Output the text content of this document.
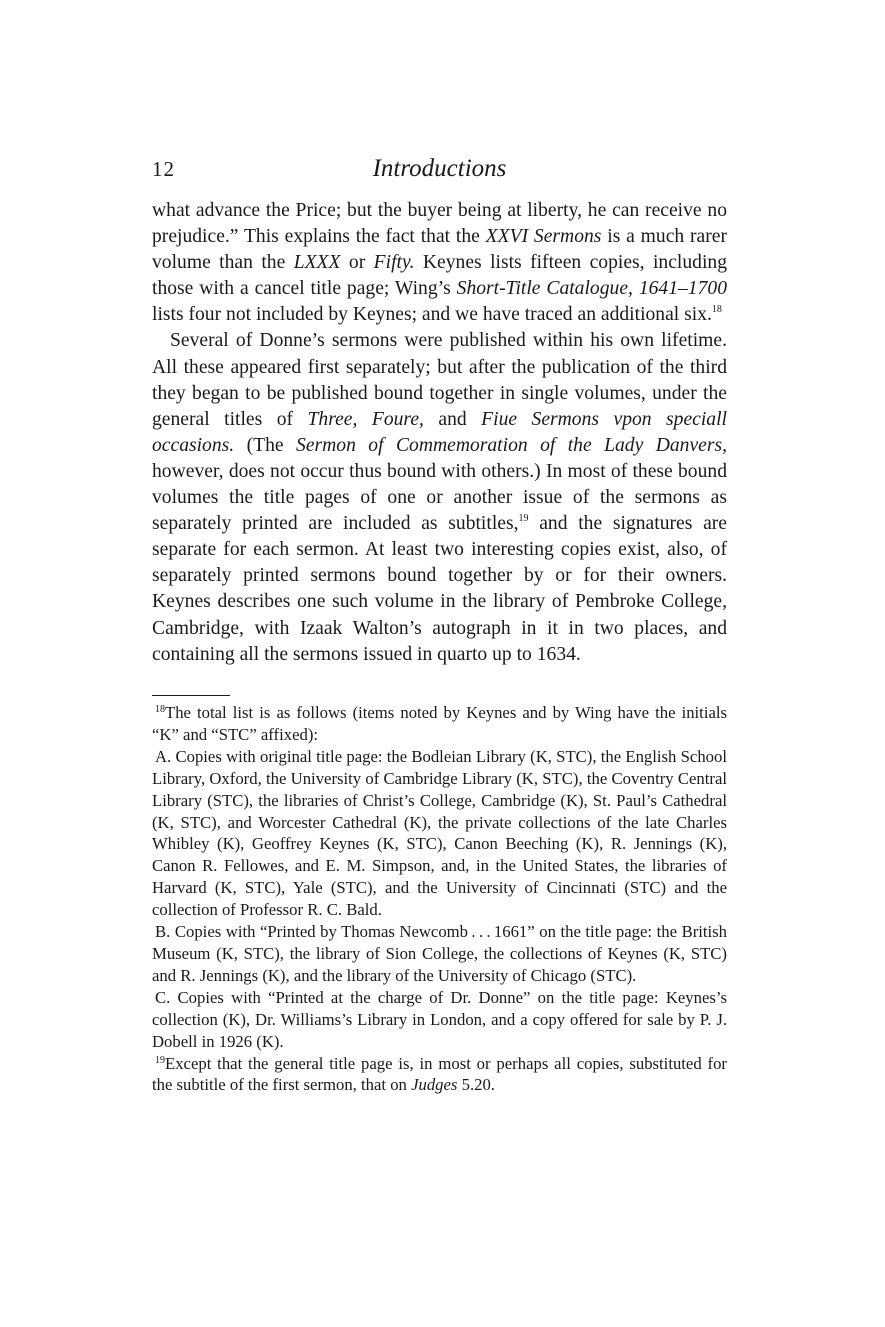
12	Introductions

what advance the Price; but the buyer being at liberty, he can receive no prejudice.” This explains the fact that the XXVI Sermons is a much rarer volume than the LXXX or Fifty. Keynes lists fifteen copies, including those with a cancel title page; Wing’s Short-Title Catalogue, 1641–1700 lists four not included by Keynes; and we have traced an additional six.$^{18}$

Several of Donne’s sermons were published within his own lifetime. All these appeared first separately; but after the publication of the third they began to be published bound together in single volumes, under the general titles of Three, Foure, and Fiue Sermons vpon speciall occasions. (The Sermon of Commemoration of the Lady Danvers, however, does not occur thus bound with others.) In most of these bound volumes the title pages of one or another issue of the sermons as separately printed are included as subtitles,$^{19}$ and the signatures are separate for each sermon. At least two interesting copies exist, also, of separately printed sermons bound together by or for their owners. Keynes describes one such volume in the library of Pembroke College, Cambridge, with Izaak Walton’s autograph in it in two places, and containing all the sermons issued in quarto up to 1634.

$^{18}$The total list is as follows (items noted by Keynes and by Wing have the initials “K” and “STC” affixed):

A. Copies with original title page: the Bodleian Library (K, STC), the English School Library, Oxford, the University of Cambridge Library (K, STC), the Coventry Central Library (STC), the libraries of Christ’s College, Cambridge (K), St. Paul’s Cathedral (K, STC), and Worcester Cathedral (K), the private collections of the late Charles Whibley (K), Geoffrey Keynes (K, STC), Canon Beeching (K), R. Jennings (K), Canon R. Fellowes, and E. M. Simpson, and, in the United States, the libraries of Harvard (K, STC), Yale (STC), and the University of Cincinnati (STC) and the collection of Professor R. C. Bald.

B. Copies with “Printed by Thomas Newcomb . . . 1661” on the title page: the British Museum (K, STC), the library of Sion College, the collections of Keynes (K, STC) and R. Jennings (K), and the library of the University of Chicago (STC).

C. Copies with “Printed at the charge of Dr. Donne” on the title page: Keynes’s collection (K), Dr. Williams’s Library in London, and a copy offered for sale by P. J. Dobell in 1926 (K).

$^{19}$Except that the general title page is, in most or perhaps all copies, substituted for the subtitle of the first sermon, that on Judges 5.20.
